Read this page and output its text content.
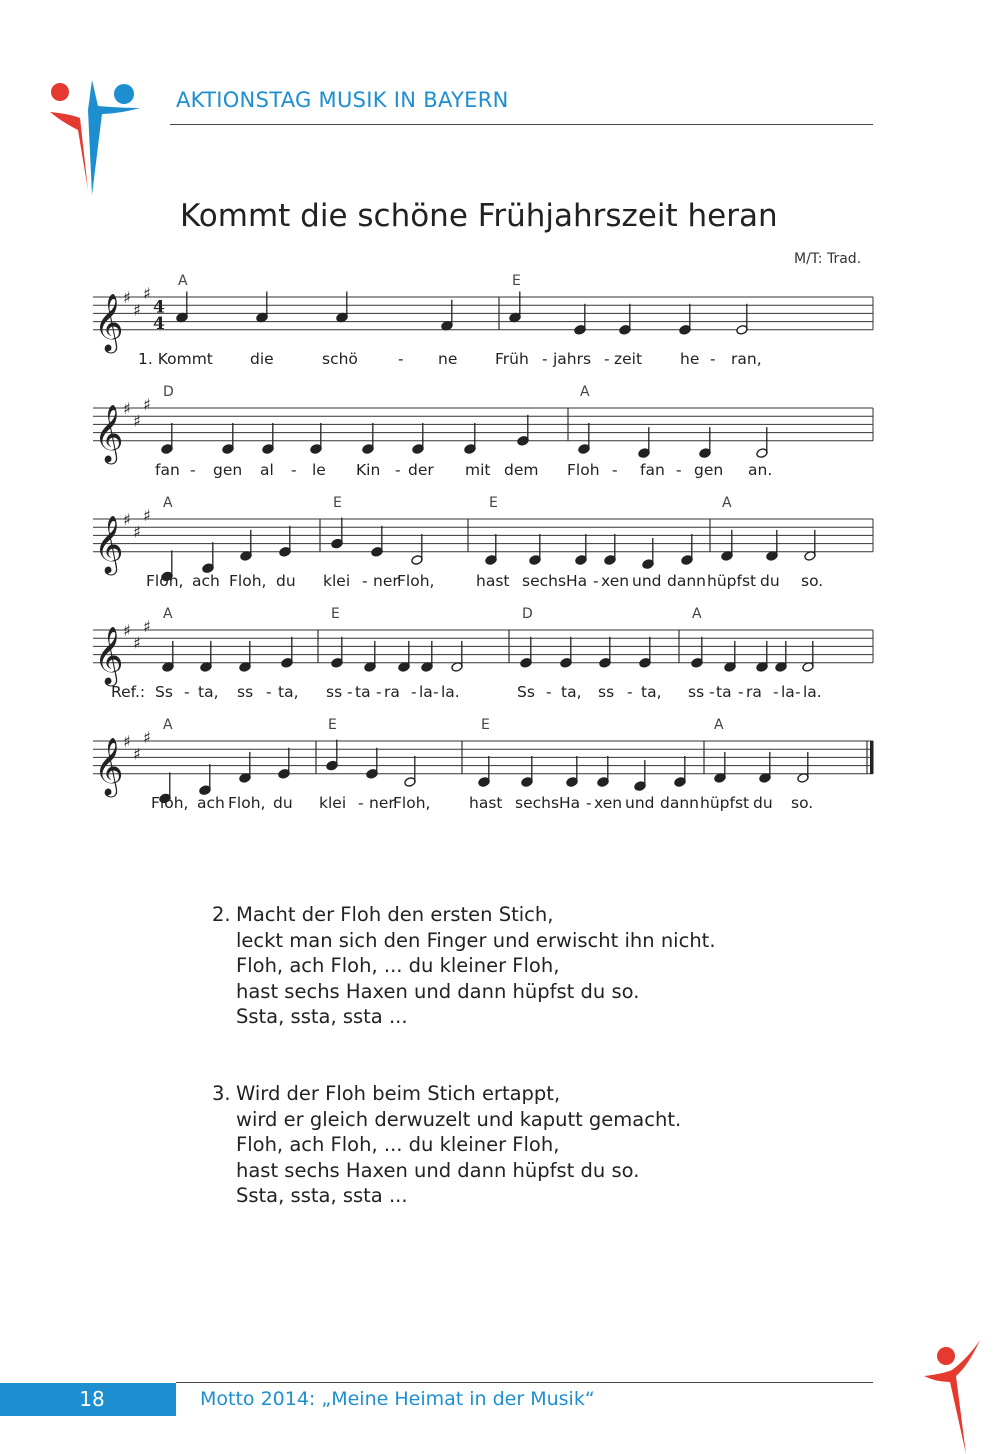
AKTIONSTAG MUSIK IN BAYERN
Kommt die schöne Frühjahrszeit heran
M/T: Trad.
𝄞 ♯
♯
♯
4
4
A	E
1. Kommt die	schö	- ne Früh - jahrs - zeit he - ran,
𝄞 ♯
♯
♯
D	A
fan - gen al - le Kin - der mit dem Floh - fan - gen an.
𝄞 ♯
♯
♯
A	E	E	A
Floh, ach Floh, du klei - ner
Floh,	hast sechs Ha - xen und dann hüpfst du so.
𝄞 ♯
♯
♯
A	E	D	A
Ref.: Ss - ta, ss - ta, ss - ta - ra - la - la.	Ss - ta, ss - ta, ss - ta - ra - la - la.
𝄞 ♯
♯
♯
A	E	E	A
Floh, ach Floh, du klei - ner
Floh, hast sechs Ha - xen und dann hüpfst du so.
2. Macht der Floh den ersten Stich,
leckt man sich den Finger und erwischt ihn nicht.
Floh, ach Floh, ... du kleiner Floh,
hast sechs Haxen und dann hüpfst du so.
Ssta, ssta, ssta ...
3. Wird der Floh beim Stich ertappt,
wird er gleich derwuzelt und kaputt gemacht.
Floh, ach Floh, ... du kleiner Floh,
hast sechs Haxen und dann hüpfst du so.
Ssta, ssta, ssta ...
18	Motto 2014: „Meine Heimat in der Musik“
